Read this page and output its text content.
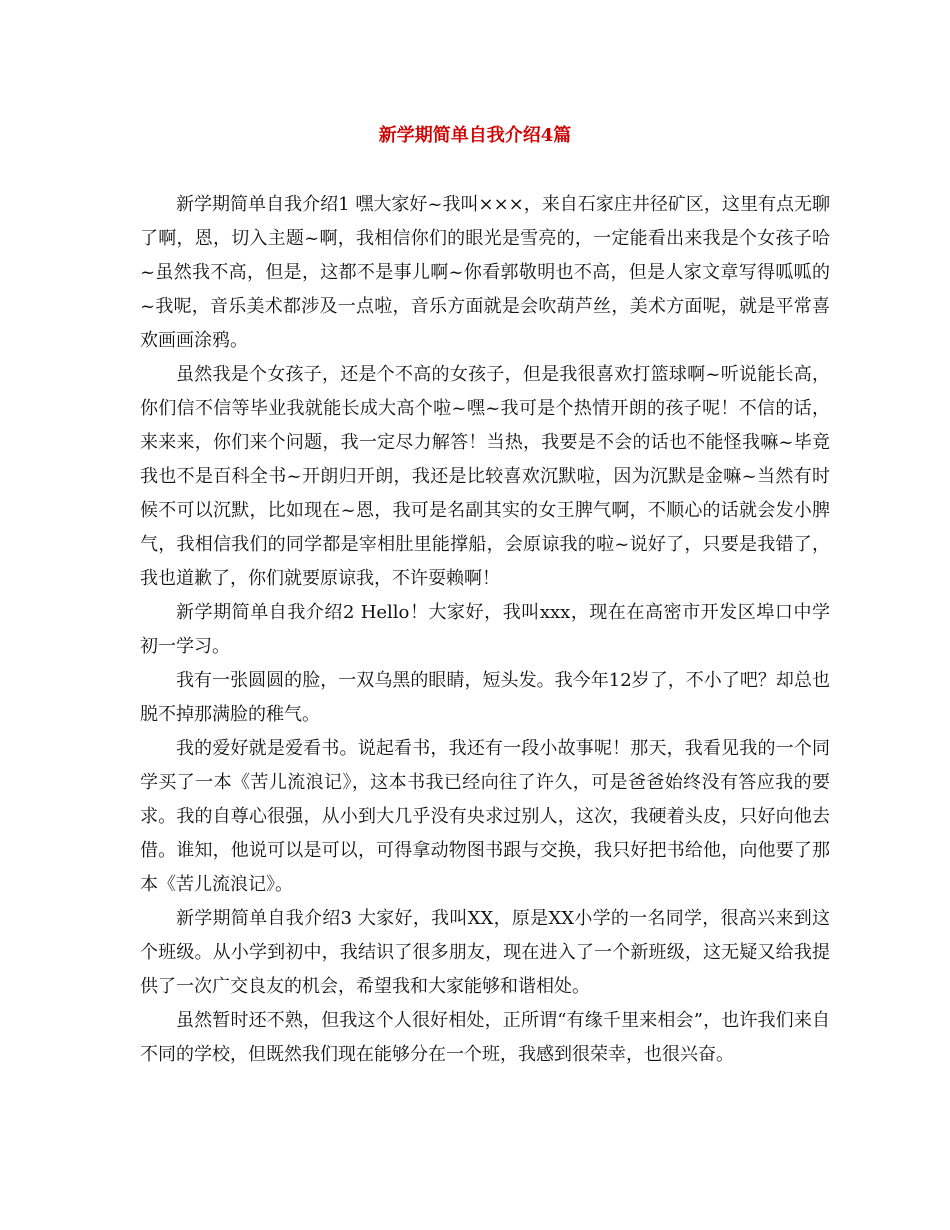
新学期简单自我介绍4篇

新学期简单自我介绍1 嘿大家好~我叫×××，来自石家庄井径矿区，这里有点无聊了啊，恩，切入主题~啊，我相信你们的眼光是雪亮的，一定能看出来我是个女孩子哈~虽然我不高，但是，这都不是事儿啊~你看郭敬明也不高，但是人家文章写得呱呱的~我呢，音乐美术都涉及一点啦，音乐方面就是会吹葫芦丝，美术方面呢，就是平常喜欢画画涂鸦。

虽然我是个女孩子，还是个不高的女孩子，但是我很喜欢打篮球啊~听说能长高，你们信不信等毕业我就能长成大高个啦~嘿~我可是个热情开朗的孩子呢！不信的话，来来来，你们来个问题，我一定尽力解答！当热，我要是不会的话也不能怪我嘛~毕竟我也不是百科全书~开朗归开朗，我还是比较喜欢沉默啦，因为沉默是金嘛~当然有时候不可以沉默，比如现在~恩，我可是名副其实的女王脾气啊，不顺心的话就会发小脾气，我相信我们的同学都是宰相肚里能撑船，会原谅我的啦~说好了，只要是我错了，我也道歉了，你们就要原谅我，不许耍赖啊！

新学期简单自我介绍2 Hello！大家好，我叫xxx，现在在高密市开发区埠口中学初一学习。

我有一张圆圆的脸，一双乌黑的眼睛，短头发。我今年12岁了，不小了吧？却总也脱不掉那满脸的稚气。

我的爱好就是爱看书。说起看书，我还有一段小故事呢！那天，我看见我的一个同学买了一本《苦儿流浪记》，这本书我已经向往了许久，可是爸爸始终没有答应我的要求。我的自尊心很强，从小到大几乎没有央求过别人，这次，我硬着头皮，只好向他去借。谁知，他说可以是可以，可得拿动物图书跟与交换，我只好把书给他，向他要了那本《苦儿流浪记》。

新学期简单自我介绍3 大家好，我叫XX，原是XX小学的一名同学，很高兴来到这个班级。从小学到初中，我结识了很多朋友，现在进入了一个新班级，这无疑又给我提供了一次广交良友的机会，希望我和大家能够和谐相处。

虽然暂时还不熟，但我这个人很好相处，正所谓“有缘千里来相会”，也许我们来自不同的学校，但既然我们现在能够分在一个班，我感到很荣幸，也很兴奋。
